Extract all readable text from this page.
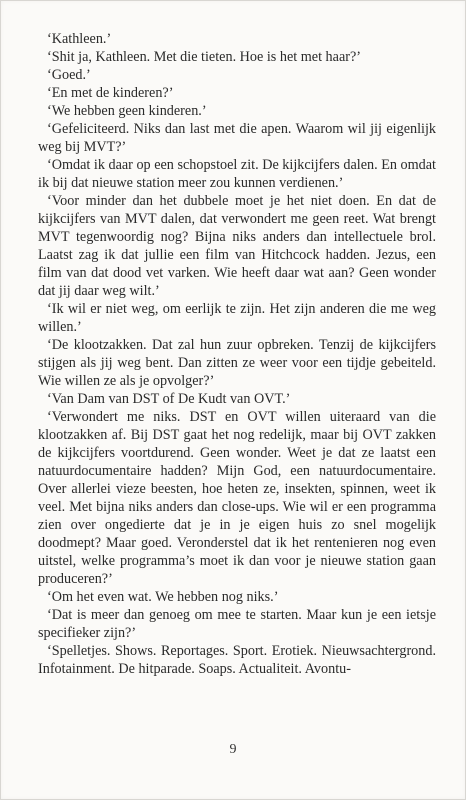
‘Kathleen.’

‘Shit ja, Kathleen. Met die tieten. Hoe is het met haar?’

‘Goed.’

‘En met de kinderen?’

‘We hebben geen kinderen.’

‘Gefeliciteerd. Niks dan last met die apen. Waarom wil jij eigenlijk weg bij MVT?’

‘Omdat ik daar op een schopstoel zit. De kijkcijfers dalen. En omdat ik bij dat nieuwe station meer zou kunnen verdienen.’

‘Voor minder dan het dubbele moet je het niet doen. En dat de kijkcijfers van MVT dalen, dat verwondert me geen reet. Wat brengt MVT tegenwoordig nog? Bijna niks anders dan intellectuele brol. Laatst zag ik dat jullie een film van Hitchcock hadden. Jezus, een film van dat dood vet varken. Wie heeft daar wat aan? Geen wonder dat jij daar weg wilt.’

‘Ik wil er niet weg, om eerlijk te zijn. Het zijn anderen die me weg willen.’

‘De klootzakken. Dat zal hun zuur opbreken. Tenzij de kijkcijfers stijgen als jij weg bent. Dan zitten ze weer voor een tijdje gebeiteld. Wie willen ze als je opvolger?’

‘Van Dam van DST of De Kudt van OVT.’

‘Verwondert me niks. DST en OVT willen uiteraard van die klootzakken af. Bij DST gaat het nog redelijk, maar bij OVT zakken de kijkcijfers voortdurend. Geen wonder. Weet je dat ze laatst een natuurdocumentaire hadden? Mijn God, een natuurdocumentaire. Over allerlei vieze beesten, hoe heten ze, insekten, spinnen, weet ik veel. Met bijna niks anders dan close-ups. Wie wil er een programma zien over ongedierte dat je in je eigen huis zo snel mogelijk doodmept? Maar goed. Veronderstel dat ik het rentenieren nog even uitstel, welke programma’s moet ik dan voor je nieuwe station gaan produceren?’

‘Om het even wat. We hebben nog niks.’

‘Dat is meer dan genoeg om mee te starten. Maar kun je een ietsje specifieker zijn?’

‘Spelletjes. Shows. Reportages. Sport. Erotiek. Nieuwsachtergrond. Infotainment. De hitparade. Soaps. Actualiteit. Avontu-

9
